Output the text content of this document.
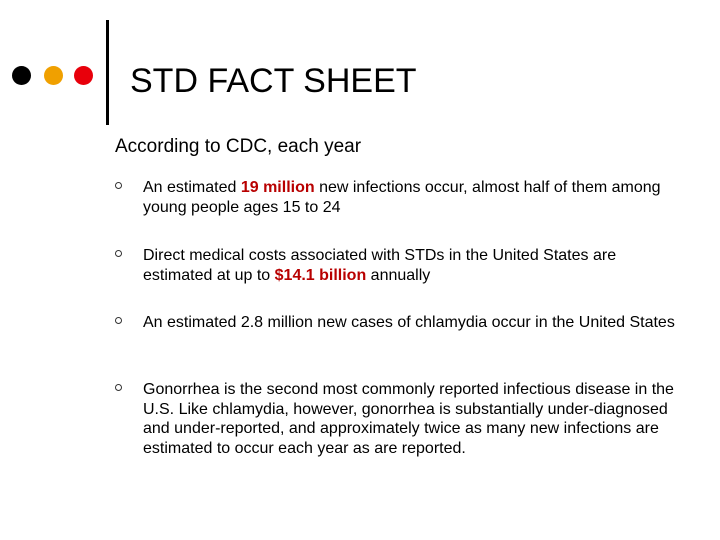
STD FACT SHEET

According to CDC, each year

An estimated 19 million new infections occur, almost half of them among young people ages 15 to 24
Direct medical costs associated with STDs in the United States are estimated at up to $14.1 billion annually
An estimated 2.8 million new cases of chlamydia occur in the United States
Gonorrhea is the second most commonly reported infectious disease in the U.S. Like chlamydia, however, gonorrhea is substantially under-diagnosed and under-reported, and approximately twice as many new infections are estimated to occur each year as are reported.
